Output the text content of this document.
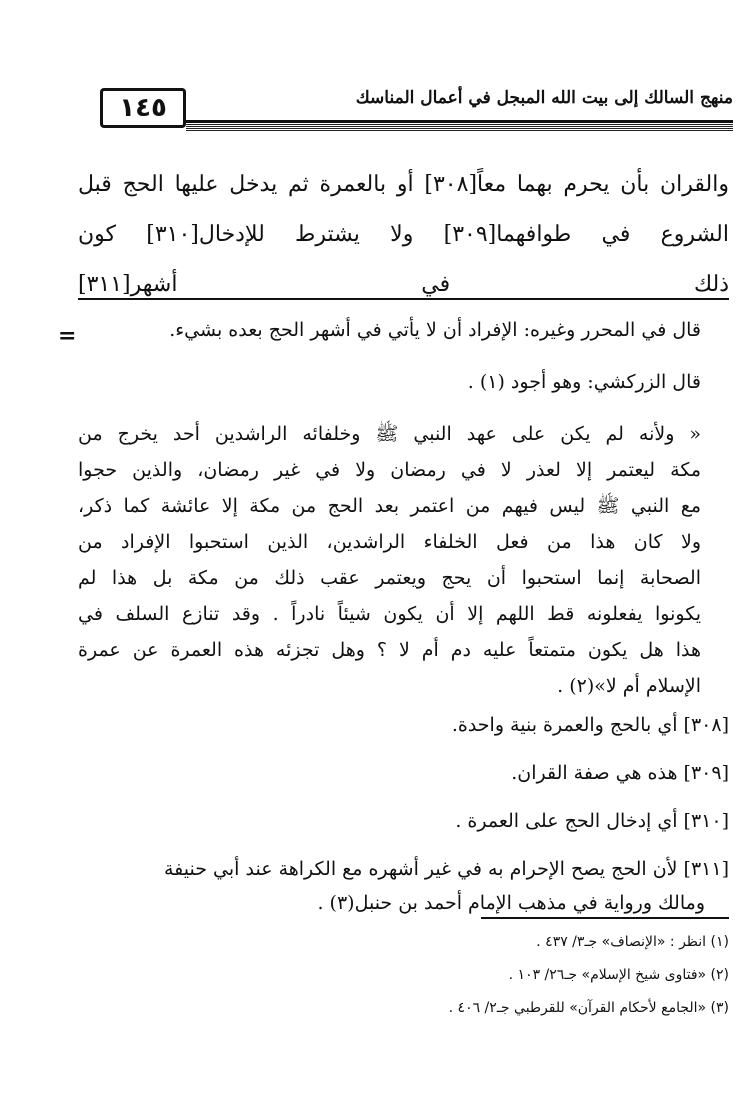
منهج السالك إلى بيت الله المبجل في أعمال المناسك
١٤٥
والقران بأن يحرم بهما معاً[٣٠٨] أو بالعمرة ثم يدخل عليها الحج قبل
الشروع في طوافهما[٣٠٩] ولا يشترط للإدخال[٣١٠] كون
ذلك في أشهر[٣١١]
=	قال في المحرر وغيره: الإفراد أن لا يأتي في أشهر الحج بعده بشيء.

قال الزركشي: وهو أجود (١) .

« ولأنه لم يكن على عهد النبي ﷺ وخلفائه الراشدين أحد يخرج من

مكة ليعتمر إلا لعذر لا في رمضان ولا في غير رمضان، والذين حجوا

مع النبي ﷺ ليس فيهم من اعتمر بعد الحج من مكة إلا عائشة كما ذكر،

ولا كان هذا من فعل الخلفاء الراشدين، الذين استحبوا الإفراد من

الصحابة إنما استحبوا أن يحج ويعتمر عقب ذلك من مكة بل هذا لم

يكونوا يفعلونه قط اللهم إلا أن يكون شيئاً نادراً . وقد تنازع السلف في

هذا هل يكون متمتعاً عليه دم أم لا ؟ وهل تجزئه هذه العمرة عن عمرة

الإسلام أم لا»(٢) .

[٣٠٨] أي بالحج والعمرة بنية واحدة.

[٣٠٩] هذه هي صفة القران.

[٣١٠] أي إدخال الحج على العمرة .

[٣١١] لأن الحج يصح الإحرام به في غير أشهره مع الكراهة عند أبي حنيفة

ومالك ورواية في مذهب الإمام أحمد بن حنبل(٣) .

(١) انظر : «الإنصاف» جـ٣/ ٤٣٧ .

(٢) «فتاوى شيخ الإسلام» جـ٢٦/ ١٠٣ .

(٣) «الجامع لأحكام القرآن» للقرطبي جـ٢/ ٤٠٦ .
